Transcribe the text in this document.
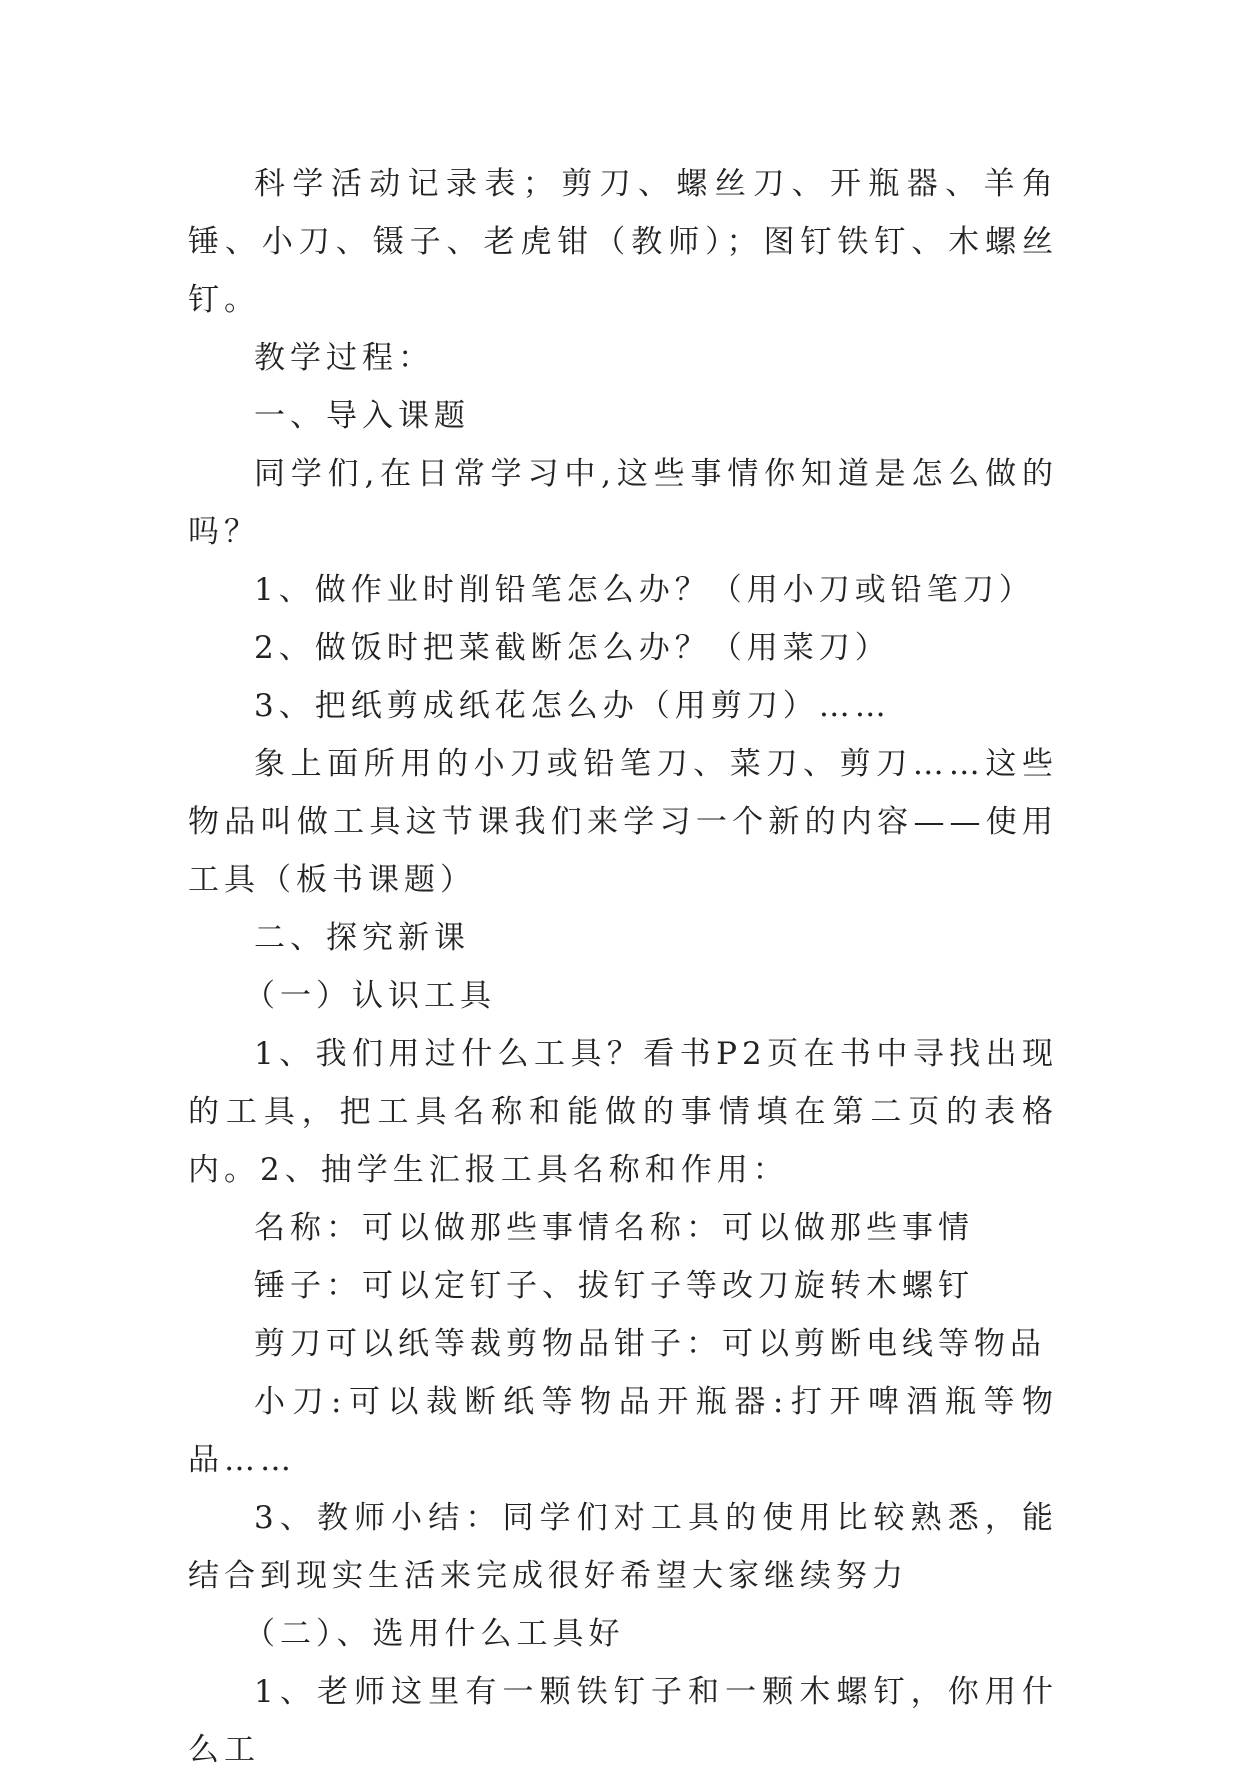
科学活动记录表；剪刀、螺丝刀、开瓶器、羊角锤、小刀、镊子、老虎钳（教师）；图钉铁钉、木螺丝钉。

教学过程：

一、导入课题

同学们,在日常学习中,这些事情你知道是怎么做的吗？

1、做作业时削铅笔怎么办？（用小刀或铅笔刀）

2、做饭时把菜截断怎么办？（用菜刀）

3、把纸剪成纸花怎么办（用剪刀）……

象上面所用的小刀或铅笔刀、菜刀、剪刀……这些物品叫做工具这节课我们来学习一个新的内容——使用工具（板书课题）

二、探究新课

（一）认识工具

1、我们用过什么工具？看书P2页在书中寻找出现的工具，把工具名称和能做的事情填在第二页的表格内。2、抽学生汇报工具名称和作用：

名称：可以做那些事情名称：可以做那些事情

锤子：可以定钉子、拔钉子等改刀旋转木螺钉

剪刀可以纸等裁剪物品钳子：可以剪断电线等物品

小刀:可以裁断纸等物品开瓶器:打开啤酒瓶等物品……

3、教师小结：同学们对工具的使用比较熟悉，能结合到现实生活来完成很好希望大家继续努力

（二）、选用什么工具好

1、老师这里有一颗铁钉子和一颗木螺钉，你用什么工
